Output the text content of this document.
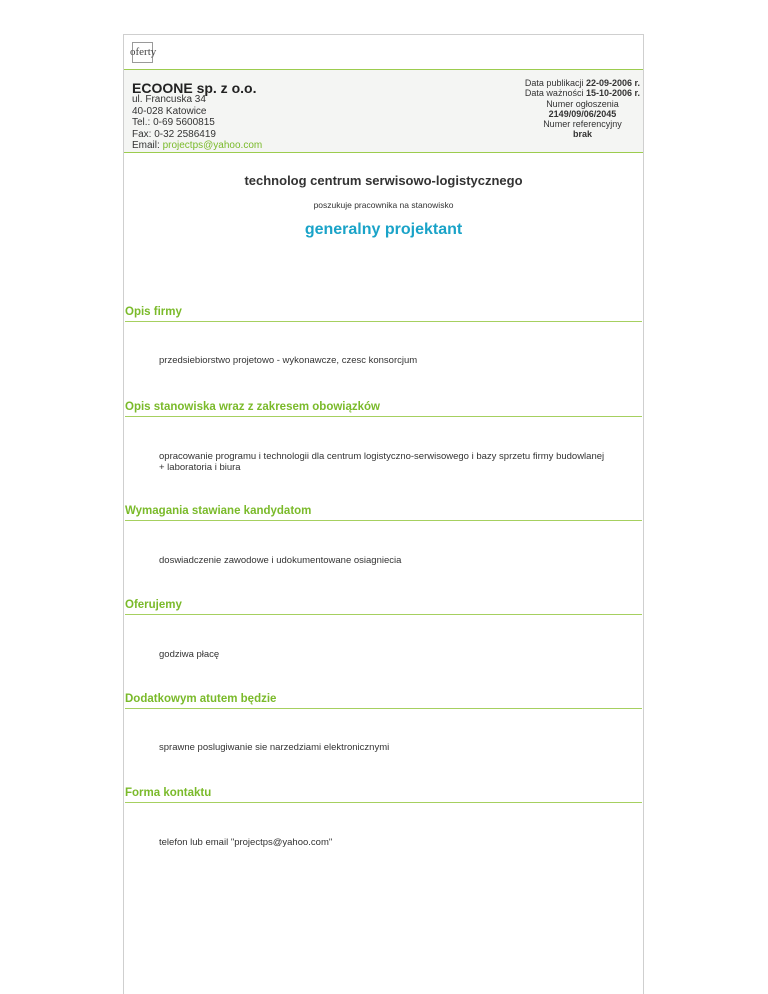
oferty
ECOONE sp. z o.o.
ul. Francuska 34
40-028 Katowice
Tel.: 0-69 5600815
Fax: 0-32 2586419
Email: projectps@yahoo.com
Data publikacji 22-09-2006 r.
Data ważności 15-10-2006 r.
Numer ogłoszenia
2149/09/06/2045
Numer referencyjny
brak
technolog centrum serwisowo-logistycznego
poszukuje pracownika na stanowisko
generalny projektant
Opis firmy
przedsiebiorstwo projetowo - wykonawcze, czesc konsorcjum
Opis stanowiska wraz z zakresem obowiązków
opracowanie programu i technologii dla centrum logistyczno-serwisowego i bazy sprzetu firmy budowlanej + laboratoria i biura
Wymagania stawiane kandydatom
doswiadczenie zawodowe i udokumentowane osiagniecia
Oferujemy
godziwa płacę
Dodatkowym atutem będzie
sprawne poslugiwanie sie narzedziami elektronicznymi
Forma kontaktu
telefon lub email "projectps@yahoo.com"
